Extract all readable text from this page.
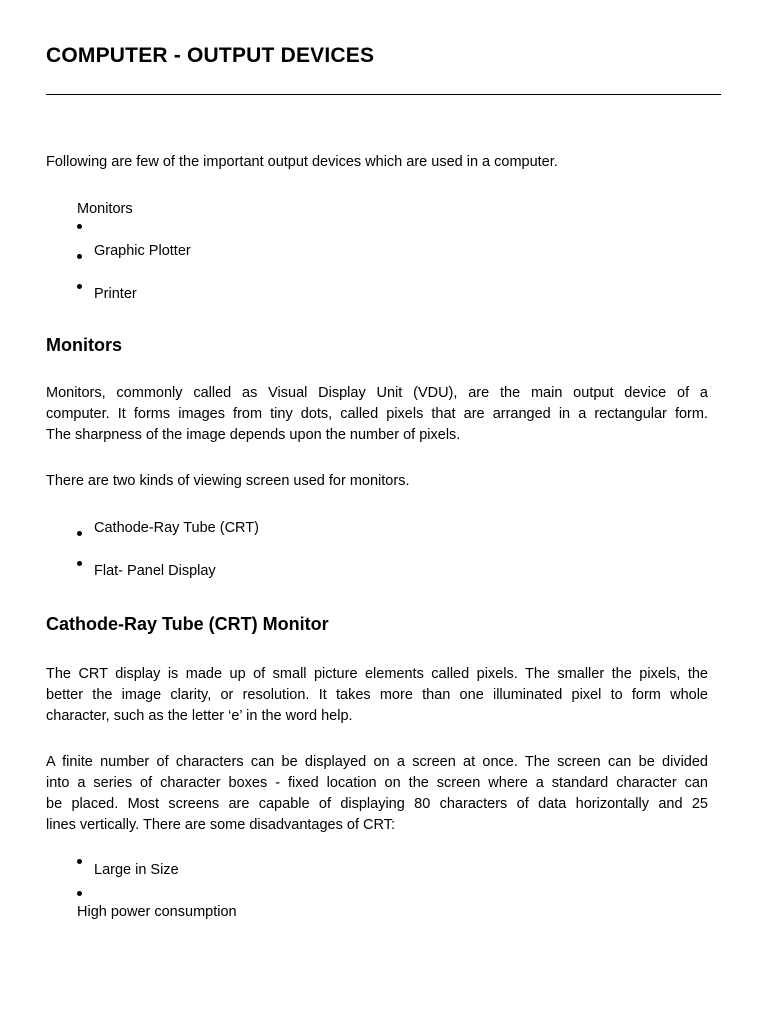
COMPUTER - OUTPUT DEVICES
Following are few of the important output devices which are used in a computer.
Monitors
Graphic Plotter
Printer
Monitors
Monitors, commonly called as Visual Display Unit (VDU), are the main output device of a
computer. It forms images from tiny dots, called pixels that are arranged in a rectangular form.
The sharpness of the image depends upon the number of pixels.
There are two kinds of viewing screen used for monitors.
Cathode-Ray Tube (CRT)
Flat- Panel Display
Cathode-Ray Tube (CRT) Monitor
The CRT display is made up of small picture elements called pixels. The smaller the pixels, the
better the image clarity, or resolution. It takes more than one illuminated pixel to form whole
character, such as the letter ‘e’ in the word help.
A finite number of characters can be displayed on a screen at once. The screen can be divided
into a series of character boxes - fixed location on the screen where a standard character can
be placed. Most screens are capable of displaying 80 characters of data horizontally and 25
lines vertically. There are some disadvantages of CRT:
Large in Size
High power consumption
